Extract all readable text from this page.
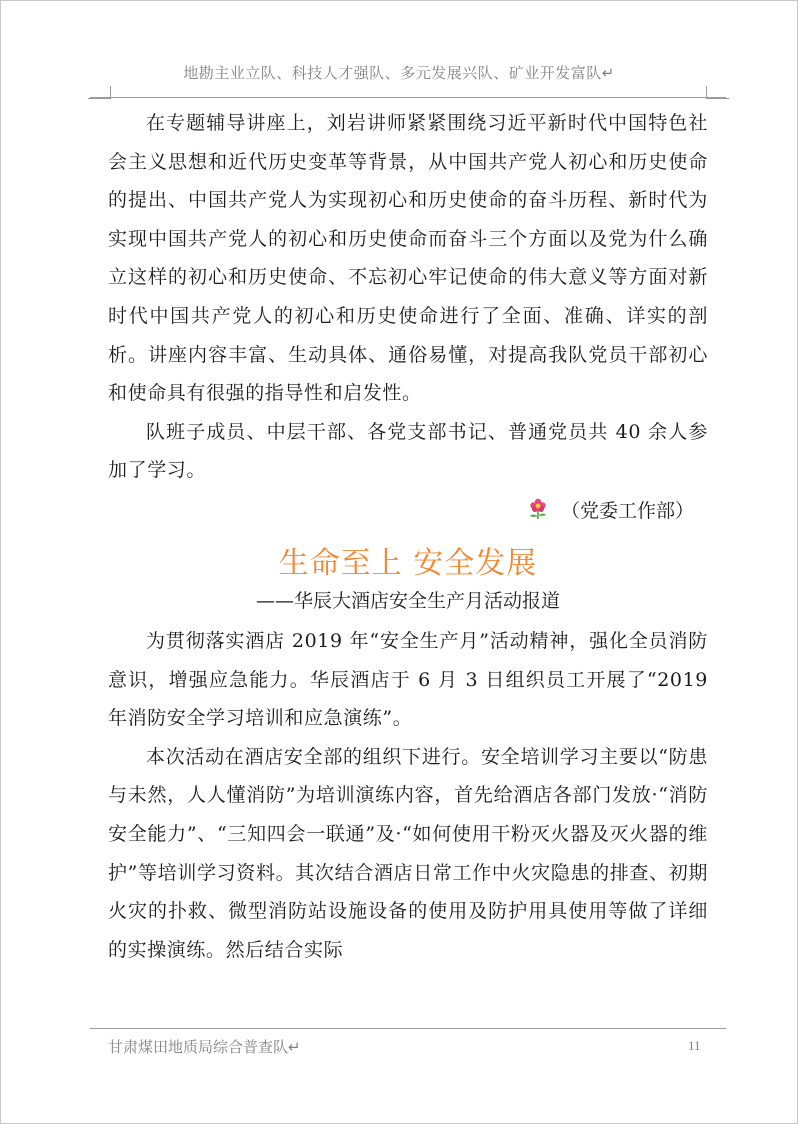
地勘主业立队、科技人才强队、多元发展兴队、矿业开发富队↵

在专题辅导讲座上，刘岩讲师紧紧围绕习近平新时代中国特色社会主义思想和近代历史变革等背景，从中国共产党人初心和历史使命的提出、中国共产党人为实现初心和历史使命的奋斗历程、新时代为实现中国共产党人的初心和历史使命而奋斗三个方面以及党为什么确立这样的初心和历史使命、不忘初心牢记使命的伟大意义等方面对新时代中国共产党人的初心和历史使命进行了全面、准确、详实的剖析。讲座内容丰富、生动具体、通俗易懂，对提高我队党员干部初心和使命具有很强的指导性和启发性。

队班子成员、中层干部、各党支部书记、普通党员共 40 余人参加了学习。

（党委工作部）
生命至上 安全发展
——华辰大酒店安全生产月活动报道

为贯彻落实酒店 2019 年“安全生产月”活动精神，强化全员消防意识，增强应急能力。华辰酒店于 6 月 3 日组织员工开展了“2019 年消防安全学习培训和应急演练”。

本次活动在酒店安全部的组织下进行。安全培训学习主要以“防患与未然，人人懂消防”为培训演练内容，首先给酒店各部门发放·“消防安全能力”、“三知四会一联通”及·“如何使用干粉灭火器及灭火器的维护”等培训学习资料。其次结合酒店日常工作中火灾隐患的排查、初期火灾的扑救、微型消防站设施设备的使用及防护用具使用等做了详细的实操演练。然后结合实际

甘肃煤田地质局综合普查队↵	11
